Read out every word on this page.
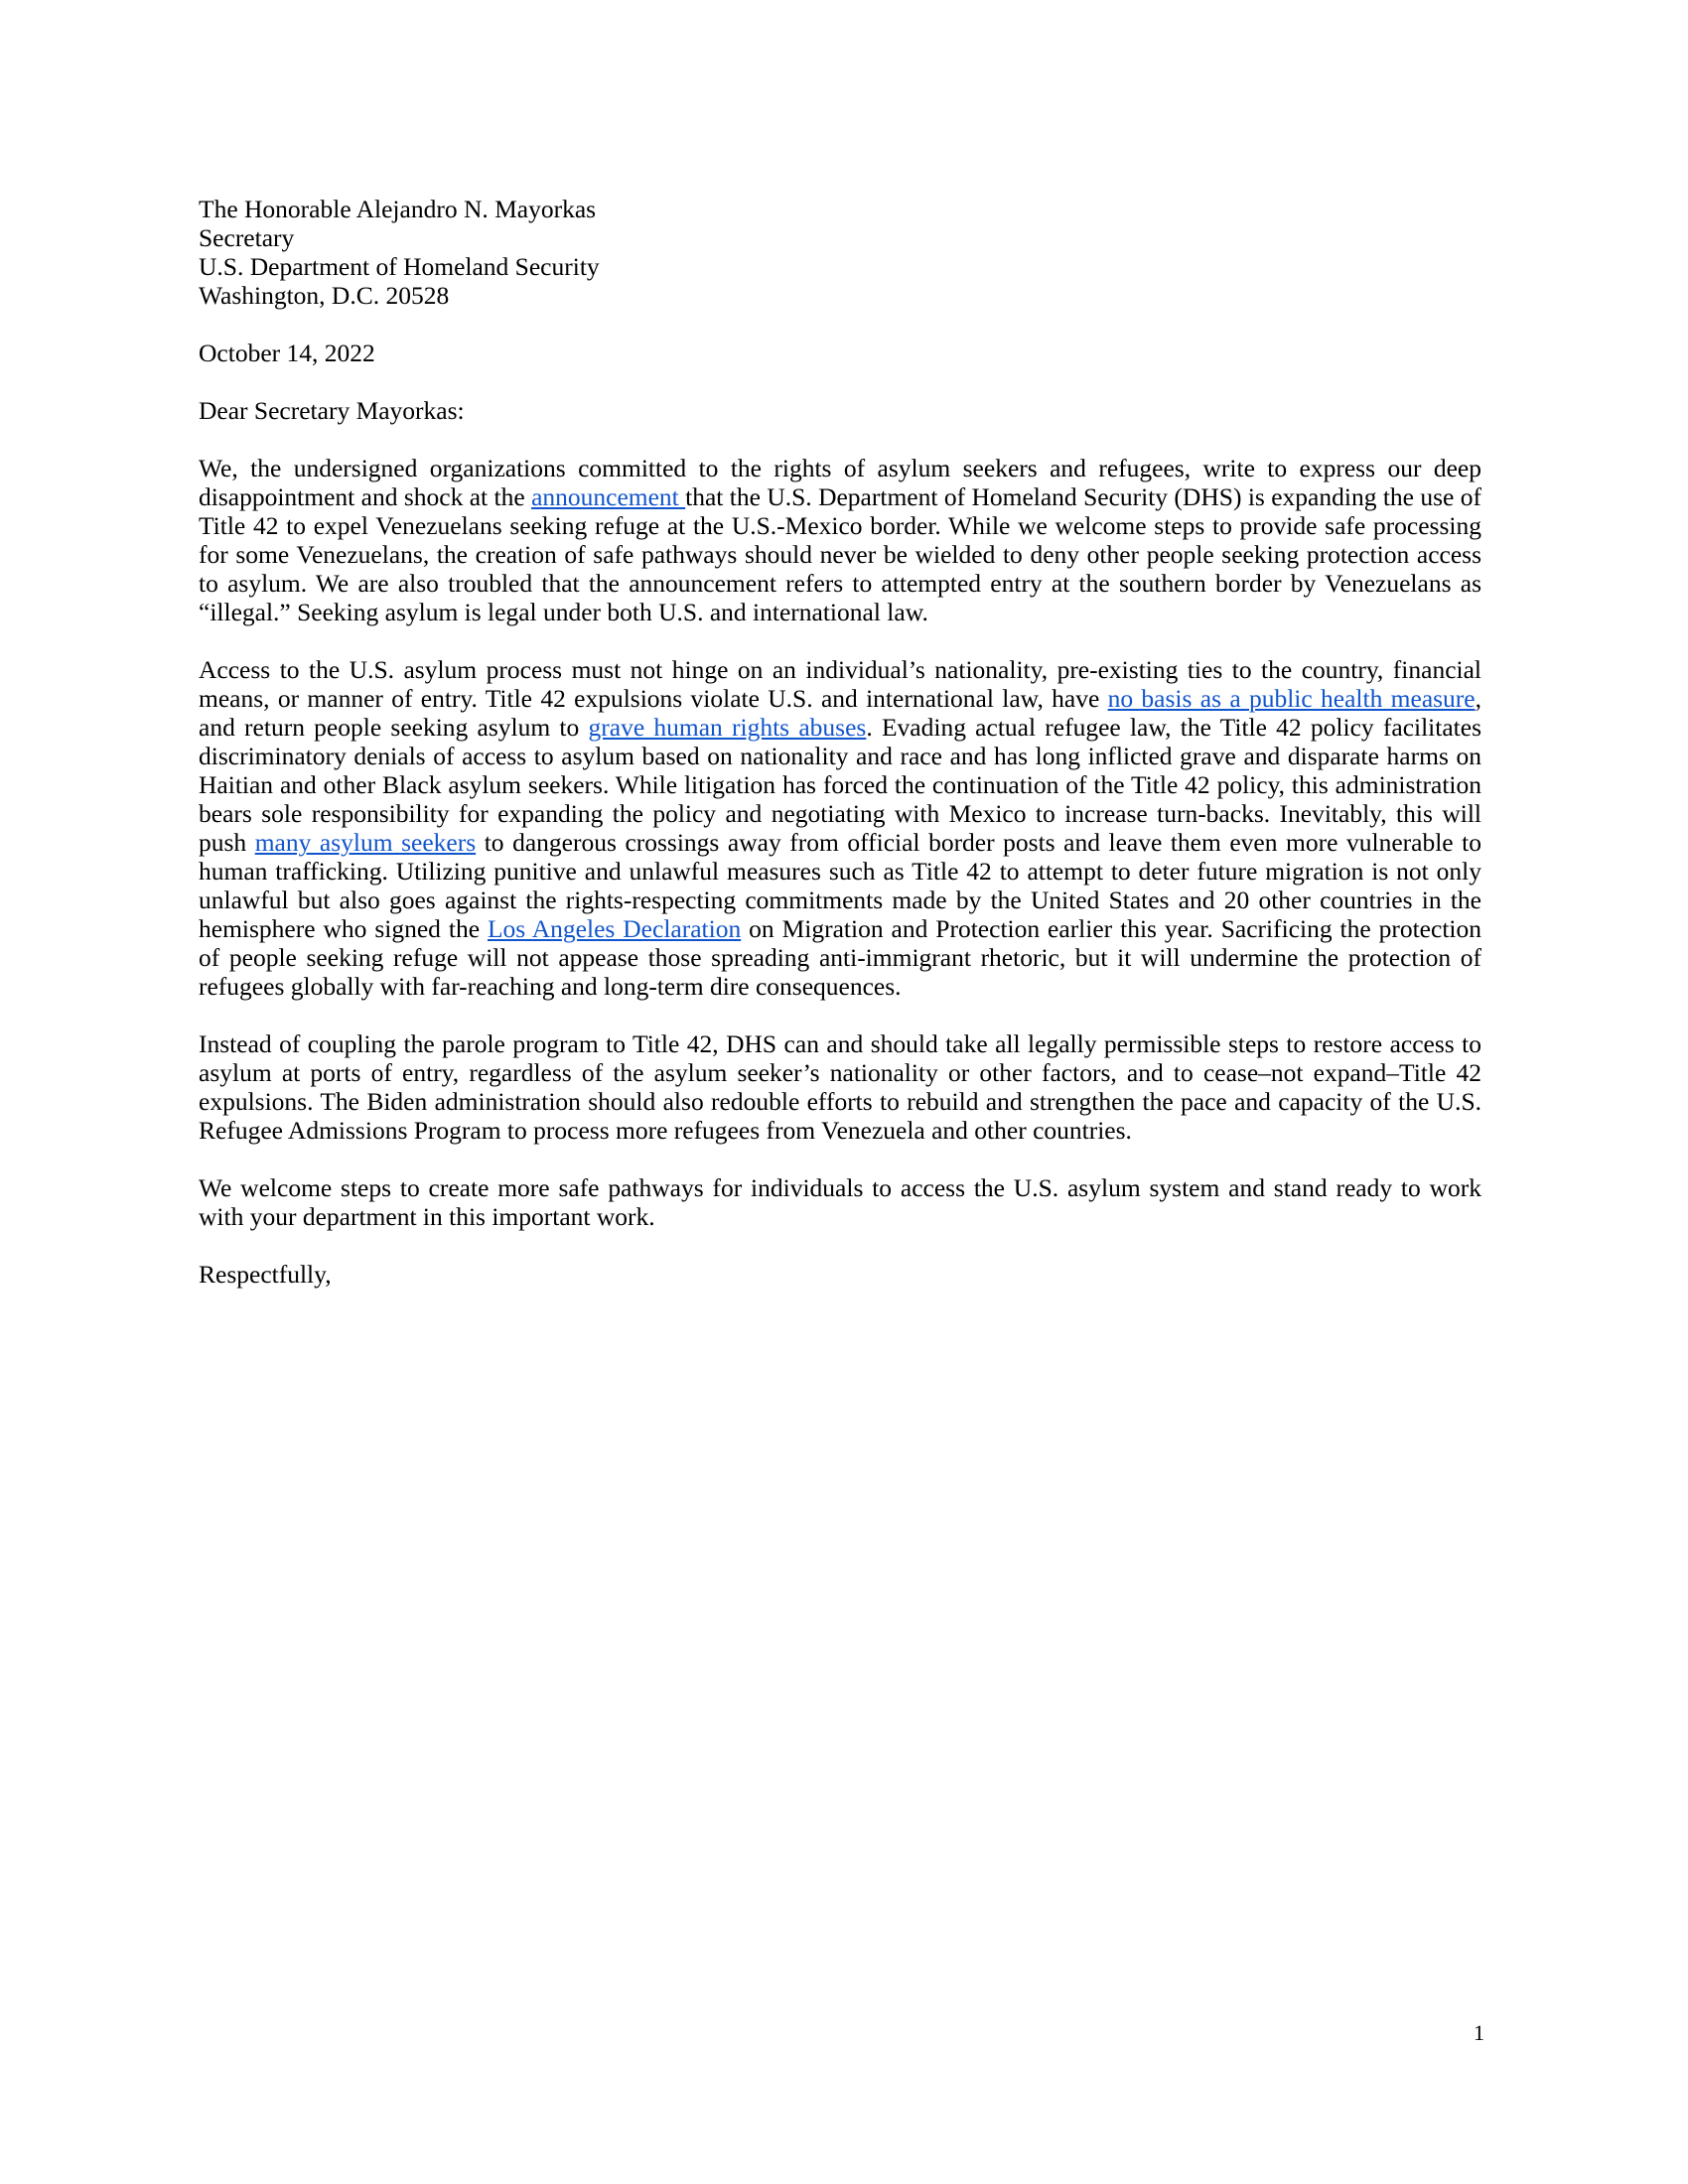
The Honorable Alejandro N. Mayorkas
Secretary
U.S. Department of Homeland Security
Washington, D.C. 20528
October 14, 2022
Dear Secretary Mayorkas:

We, the undersigned organizations committed to the rights of asylum seekers and refugees, write to express our deep disappointment and shock at the announcement that the U.S. Department of Homeland Security (DHS) is expanding the use of Title 42 to expel Venezuelans seeking refuge at the U.S.-Mexico border. While we welcome steps to provide safe processing for some Venezuelans, the creation of safe pathways should never be wielded to deny other people seeking protection access to asylum. We are also troubled that the announcement refers to attempted entry at the southern border by Venezuelans as “illegal.” Seeking asylum is legal under both U.S. and international law.

Access to the U.S. asylum process must not hinge on an individual’s nationality, pre-existing ties to the country, financial means, or manner of entry. Title 42 expulsions violate U.S. and international law, have no basis as a public health measure, and return people seeking asylum to grave human rights abuses. Evading actual refugee law, the Title 42 policy facilitates discriminatory denials of access to asylum based on nationality and race and has long inflicted grave and disparate harms on Haitian and other Black asylum seekers. While litigation has forced the continuation of the Title 42 policy, this administration bears sole responsibility for expanding the policy and negotiating with Mexico to increase turn-backs. Inevitably, this will push many asylum seekers to dangerous crossings away from official border posts and leave them even more vulnerable to human trafficking. Utilizing punitive and unlawful measures such as Title 42 to attempt to deter future migration is not only unlawful but also goes against the rights-respecting commitments made by the United States and 20 other countries in the hemisphere who signed the Los Angeles Declaration on Migration and Protection earlier this year. Sacrificing the protection of people seeking refuge will not appease those spreading anti-immigrant rhetoric, but it will undermine the protection of refugees globally with far-reaching and long-term dire consequences.

Instead of coupling the parole program to Title 42, DHS can and should take all legally permissible steps to restore access to asylum at ports of entry, regardless of the asylum seeker’s nationality or other factors, and to cease–not expand–Title 42 expulsions. The Biden administration should also redouble efforts to rebuild and strengthen the pace and capacity of the U.S. Refugee Admissions Program to process more refugees from Venezuela and other countries.

We welcome steps to create more safe pathways for individuals to access the U.S. asylum system and stand ready to work with your department in this important work.

Respectfully,

1
